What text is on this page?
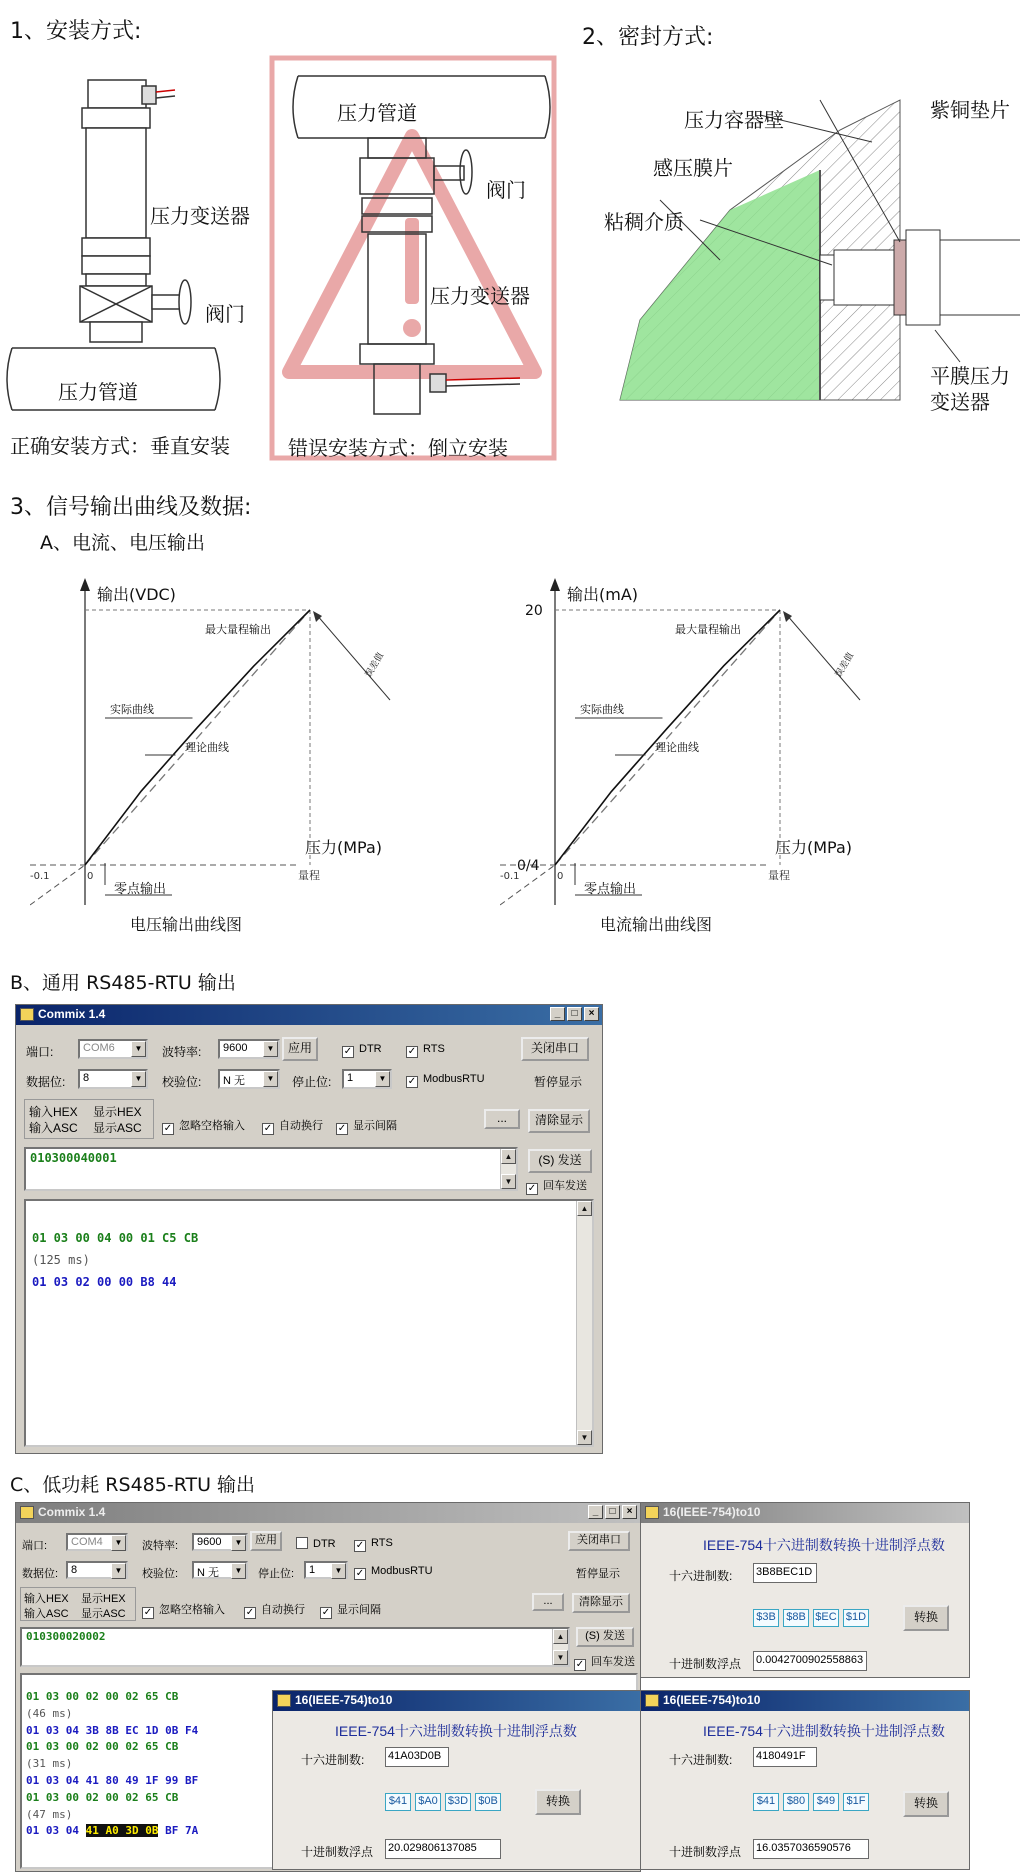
1、安装方式:
压力变送器
阀门
压力管道
正确安装方式：垂直安装
压力管道
阀门
压力变送器
错误安装方式：倒立安装
2、密封方式:
压力容器壁	紫铜垫片
感压膜片
粘稠介质
平膜压力
变送器
3、信号输出曲线及数据:
A、电流、电压输出
输出(VDC)
压力(MPa)
最大量程输出
实际曲线
理论曲线
零点输出
误差值
-0.1	0	量程
电压输出曲线图
输出(mA)
压力(MPa)
最大量程输出
实际曲线
理论曲线
零点输出
误差值
-0.1	0	量程
0/4
20
电流输出曲线图
B、通用 RS485-RTU 输出
Commix 1.4	_	□	×
端口:	COM6	▼ 波特率:	9600	▼	应用	✓ DTR	✓ RTS	关闭串口
数据位:	8	▼ 校验位:	N 无	▼ 停止位:	1	▼	✓ ModbusRTU	暂停显示
输入HEX
输入ASC
显示HEX
显示ASC ✓ 忽略空格输入 ✓ 自动换行 ✓ 显示间隔
...	清除显示
010300040001	▲
▼
(S) 发送
✓ 回车发送
01 03 00 04 00 01 C5 CB
(125 ms)
01 03 02 00 00 B8 44
▲
▼
C、低功耗 RS485-RTU 输出
Commix 1.4	_	□	×
端口:	COM4	▼	波特率:	9600	▼	应用	DTR ✓ RTS	关闭串口
数据位:	8	▼	校验位:	N 无	▼	停止位:	1	▼	✓ ModbusRTU	暂停显示
输入HEX
输入ASC
显示HEX
显示ASC ✓ 忽略空格输入 ✓ 自动换行 ✓ 显示间隔
...	清除显示
010300020002	▲
▼
(S) 发送
✓ 回车发送
01 03 00 02 00 02 65 CB
(46 ms)
01 03 04 3B 8B EC 1D 0B F4
01 03 00 02 00 02 65 CB
(31 ms)
01 03 04 41 80 49 1F 99 BF
01 03 00 02 00 02 65 CB
(47 ms)
01 03 04 41 A0 3D 0B BF 7A
16(IEEE-754)to10
IEEE-754十六进制数转换十进制浮点数
十六进制数: 3B8BEC1D
$3B $8B $EC $1D	转换
十进制数浮点 0.0042700902558863
16(IEEE-754)to10
IEEE-754十六进制数转换十进制浮点数
十六进制数: 41A03D0B
$41	$A0 $3D $0B	转换
十进制数浮点 20.029806137085
16(IEEE-754)to10
IEEE-754十六进制数转换十进制浮点数
十六进制数: 4180491F
$41	$80	$49	$1F	转换
十进制数浮点 16.0357036590576
